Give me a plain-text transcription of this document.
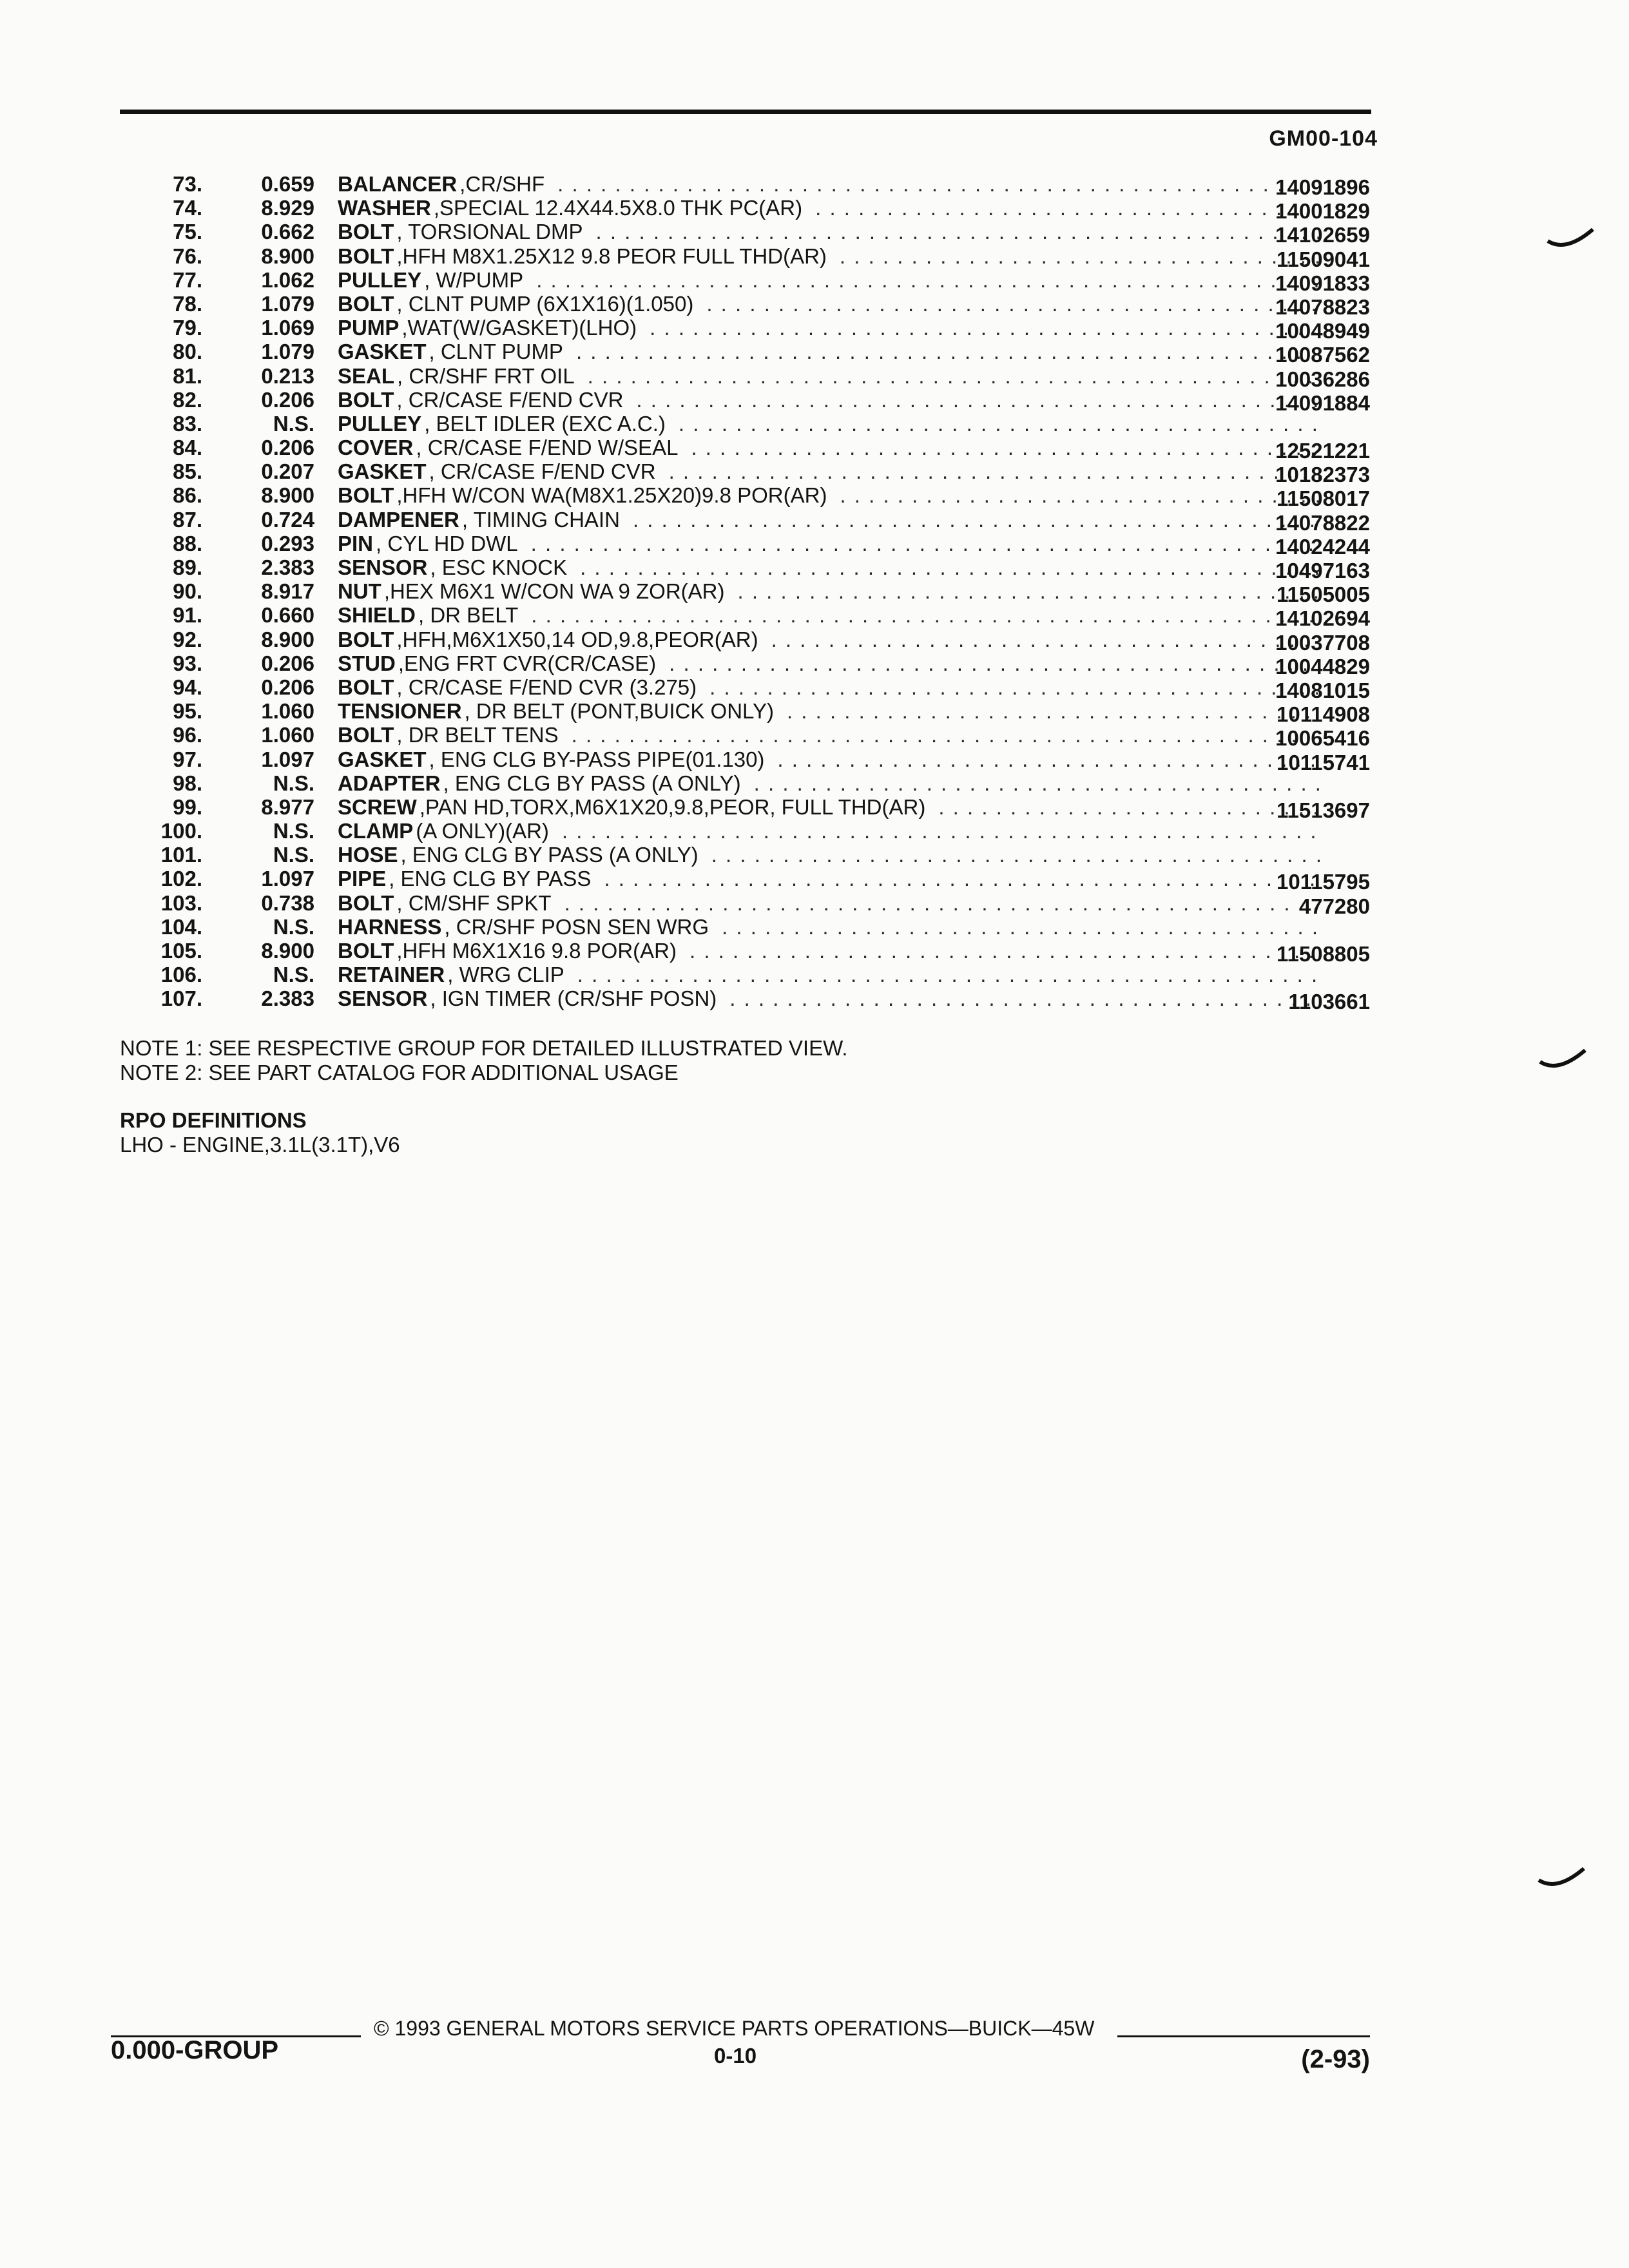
GM00-104
73.	0.659 BALANCER ,CR/SHF . . .	14091896
74.	8.929 WASHER ,SPECIAL 12.4X44.5X8.0 THK PC(AR) . . .	14001829
75.	0.662 BOLT , TORSIONAL DMP . . .	14102659
76.	8.900 BOLT ,HFH M8X1.25X12 9.8 PEOR FULL THD(AR) . . .	11509041
77.	1.062 PULLEY , W/PUMP . . .	14091833
78.	1.079 BOLT , CLNT PUMP (6X1X16)(1.050) . . .	14078823
79.	1.069 PUMP ,WAT(W/GASKET)(LHO) . . .	10048949
80.	1.079 GASKET , CLNT PUMP . . .	10087562
81.	0.213 SEAL , CR/SHF FRT OIL . . .	10036286
82.	0.206 BOLT , CR/CASE F/END CVR . . .	14091884
83.	N.S. PULLEY , BELT IDLER (EXC A.C.)
. . .
84.	0.206 COVER , CR/CASE F/END W/SEAL . . .	12521221
85.	0.207 GASKET , CR/CASE F/END CVR . . .	10182373
86.	8.900 BOLT ,HFH W/CON WA(M8X1.25X20)9.8 POR(AR) . . .	11508017
87.	0.724 DAMPENER , TIMING CHAIN . . .	14078822
88.	0.293 PIN , CYL HD DWL . . .	14024244
89.	2.383 SENSOR , ESC KNOCK . . .	10497163
90.	8.917 NUT ,HEX M6X1 W/CON WA 9 ZOR(AR) . . .	11505005
91.	0.660 SHIELD , DR BELT . . .	14102694
92.	8.900 BOLT ,HFH,M6X1X50,14 OD,9.8,PEOR(AR) . . .	10037708
93.	0.206 STUD ,ENG FRT CVR(CR/CASE) . . .	10044829
94.	0.206 BOLT , CR/CASE F/END CVR (3.275) . . .	14081015
95.	1.060 TENSIONER , DR BELT (PONT,BUICK ONLY) . . .	10114908
96.	1.060 BOLT , DR BELT TENS . . .	10065416
97.	1.097 GASKET , ENG CLG BY-PASS PIPE(01.130) . . .	10115741
98.	N.S. ADAPTER , ENG CLG BY PASS (A ONLY)
. . .
99.	8.977 SCREW ,PAN HD,TORX,M6X1X20,9.8,PEOR, FULL THD(AR) . . .	11513697
100.	N.S. CLAMP (A ONLY)(AR)
. . .
101.	N.S. HOSE , ENG CLG BY PASS (A ONLY)
. . .
102.	1.097 PIPE , ENG CLG BY PASS . . .	10115795
103.	0.738 BOLT , CM/SHF SPKT . . .	477280
104.	N.S. HARNESS , CR/SHF POSN SEN WRG
. . .
105.	8.900 BOLT ,HFH M6X1X16 9.8 POR(AR) . . .	11508805
106.	N.S. RETAINER , WRG CLIP
. . .
107.	2.383 SENSOR , IGN TIMER (CR/SHF POSN) . . .	1103661
NOTE 1: SEE RESPECTIVE GROUP FOR DETAILED ILLUSTRATED VIEW.
NOTE 2: SEE PART CATALOG FOR ADDITIONAL USAGE
RPO DEFINITIONS
LHO - ENGINE,3.1L(3.1T),V6
© 1993 GENERAL MOTORS SERVICE PARTS OPERATIONS—BUICK—45W
0.000-GROUP	0-10	(2-93)
